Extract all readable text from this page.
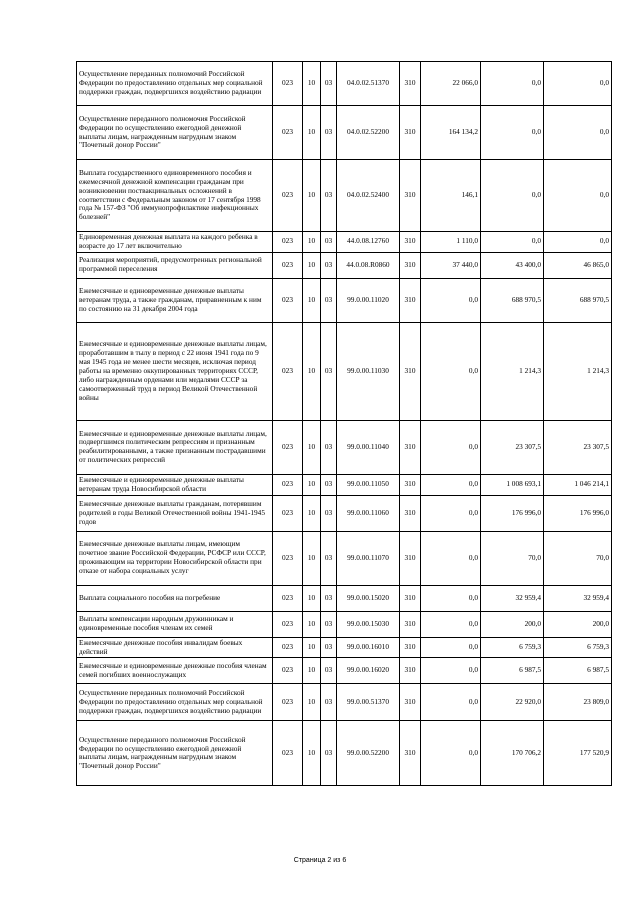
Осуществление переданных полномочий Российской Федерации по предоставлению отдельных мер социальной поддержки граждан, подвергшихся воздействию радиации	023	10	03	04.0.02.51370	310	22 066,0	0,0	0,0
Осуществление переданного полномочия Российской Федерации по осуществлению ежегодной денежной выплаты лицам, награжденным нагрудным знаком "Почетный донор России"	023	10	03	04.0.02.52200	310	164 134,2	0,0	0,0
Выплата государственного единовременного пособия и ежемесячной денежной компенсации гражданам при возникновении поствакцинальных осложнений в соответствии с Федеральным законом от 17 сентября 1998 года № 157-ФЗ "Об иммунопрофилактике инфекционных болезней"	023	10	03	04.0.02.52400	310	146,1	0,0	0,0
Единовременная денежная выплата на каждого ребенка в возрасте до 17 лет включительно	023	10	03	44.0.08.12760	310	1 110,0	0,0	0,0
Реализация мероприятий, предусмотренных региональной программой переселения	023	10	03	44.0.08.R0860	310	37 440,0	43 400,0	46 865,0
Ежемесячные и единовременные денежные выплаты ветеранам труда, а также гражданам, приравненным к ним по состоянию на 31 декабря 2004 года	023	10	03	99.0.00.11020	310	0,0	688 970,5	688 970,5
Ежемесячные и единовременные денежные выплаты лицам, проработавшим в тылу в период с 22 июня 1941 года по 9 мая 1945 года не менее шести месяцев, исключая период работы на временно оккупированных территориях СССР, либо награжденным орденами или медалями СССР за самоотверженный труд в период Великой Отечественной войны	023	10	03	99.0.00.11030	310	0,0	1 214,3	1 214,3
Ежемесячные и единовременные денежные выплаты лицам, подвергшимся политическим репрессиям и признанным реабилитированными, а также признанным пострадавшими от политических репрессий	023	10	03	99.0.00.11040	310	0,0	23 307,5	23 307,5
Ежемесячные и единовременные денежные выплаты ветеранам труда Новосибирской области	023	10	03	99.0.00.11050	310	0,0	1 008 693,1	1 046 214,1
Ежемесячные денежные выплаты гражданам, потерявшим родителей в годы Великой Отечественной войны 1941-1945 годов	023	10	03	99.0.00.11060	310	0,0	176 996,0	176 996,0
Ежемесячные денежные выплаты лицам, имеющим почетное звание Российской Федерации, РСФСР или СССР, проживающим на территории Новосибирской области при отказе от набора социальных услуг	023	10	03	99.0.00.11070	310	0,0	70,0	70,0
Выплата социального пособия на погребение	023	10	03	99.0.00.15020	310	0,0	32 959,4	32 959,4
Выплаты компенсации народным дружинникам и единовременные пособия членам их семей	023	10	03	99.0.00.15030	310	0,0	200,0	200,0
Ежемесячные денежные пособия инвалидам боевых действий	023	10	03	99.0.00.16010	310	0,0	6 759,3	6 759,3
Ежемесячные и единовременные денежные пособия членам семей погибших военнослужащих	023	10	03	99.0.00.16020	310	0,0	6 987,5	6 987,5
Осуществление переданных полномочий Российской Федерации по предоставлению отдельных мер социальной поддержки граждан, подвергшихся воздействию радиации	023	10	03	99.0.00.51370	310	0,0	22 920,0	23 809,0
Осуществление переданного полномочия Российской Федерации по осуществлению ежегодной денежной выплаты лицам, награжденным нагрудным знаком "Почетный донор России"	023	10	03	99.0.00.52200	310	0,0	170 706,2	177 520,9
Страница 2 из 6
